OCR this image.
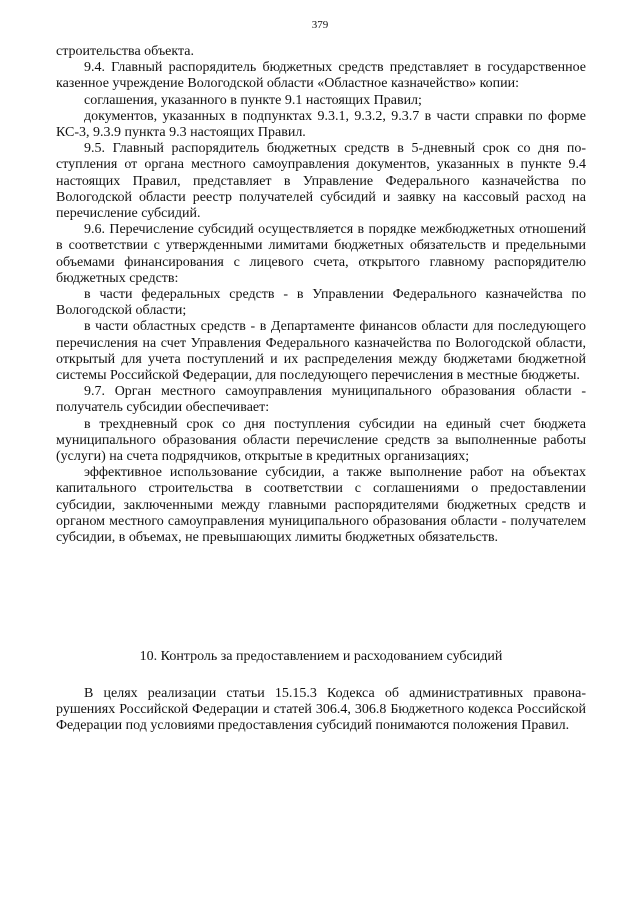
379

строительства объекта.

9.4. Главный распорядитель бюджетных средств представляет в государственное казенное учреждение Вологодской области «Областное казначейство» копии:

соглашения, указанного в пункте 9.1 настоящих Правил;

документов, указанных в подпунктах 9.3.1, 9.3.2, 9.3.7 в части справки по форме КС-3, 9.3.9 пункта 9.3 настоящих Правил.

9.5. Главный распорядитель бюджетных средств в 5-дневный срок со дня поступления от органа местного самоуправления документов, указанных в пункте 9.4 настоящих Правил, представляет в Управление Федерального казначейства по Вологодской области реестр получателей субсидий и заявку на кассовый расход на перечисление субсидий.

9.6. Перечисление субсидий осуществляется в порядке межбюджетных отношений в соответствии с утвержденными лимитами бюджетных обязательств и предельными объемами финансирования с лицевого счета, открытого главному распорядителю бюджетных средств:

в части федеральных средств - в Управлении Федерального казначейства по Вологодской области;

в части областных средств - в Департаменте финансов области для последующего перечисления на счет Управления Федерального казначейства по Вологодской области, открытый для учета поступлений и их распределения между бюджетами бюджетной системы Российской Федерации, для последующего перечисления в местные бюджеты.

9.7. Орган местного самоуправления муниципального образования области - получатель субсидии обеспечивает:

в трехдневный срок со дня поступления субсидии на единый счет бюджета муниципального образования области перечисление средств за выполненные работы (услуги) на счета подрядчиков, открытые в кредитных организациях;

эффективное использование субсидии, а также выполнение работ на объектах капитального строительства в соответствии с соглашениями о предоставлении субсидии, заключенными между главными распорядителями бюджетных средств и органом местного самоуправления муниципального образования области - получателем субсидии, в объемах, не превышающих лимиты бюджетных обязательств.

10. Контроль за предоставлением и расходованием субсидий

В целях реализации статьи 15.15.3 Кодекса об административных правонарушениях Российской Федерации и статей 306.4, 306.8 Бюджетного кодекса Российской Федерации под условиями предоставления субсидий понимаются положения Правил.
